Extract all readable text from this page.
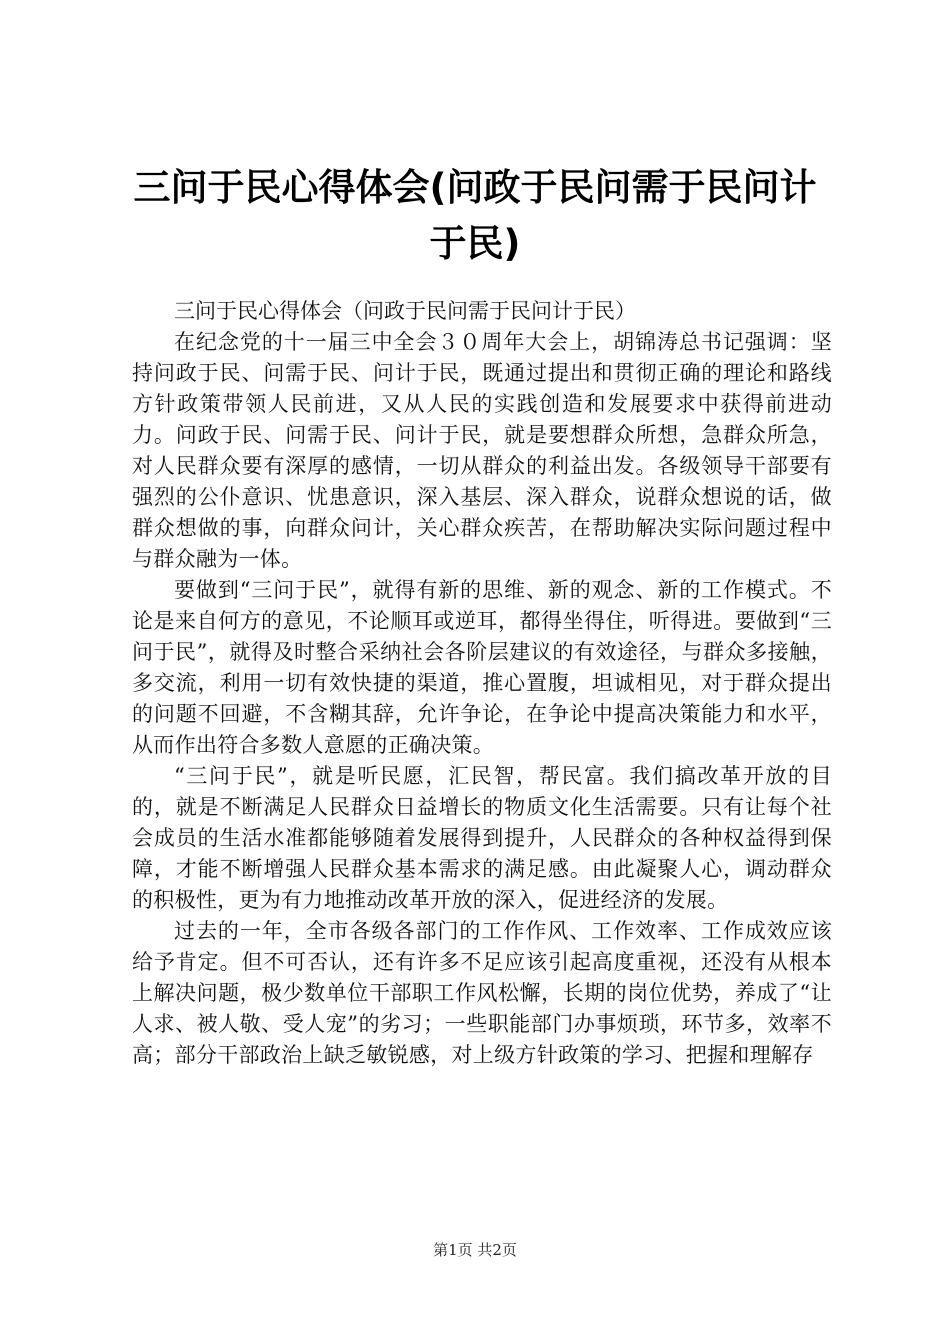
三问于民心得体会(问政于民问需于民问计于民)

三问于民心得体会（问政于民问需于民问计于民）

在纪念党的十一届三中全会３０周年大会上，胡锦涛总书记强调：坚持问政于民、问需于民、问计于民，既通过提出和贯彻正确的理论和路线方针政策带领人民前进，又从人民的实践创造和发展要求中获得前进动力。问政于民、问需于民、问计于民，就是要想群众所想，急群众所急，对人民群众要有深厚的感情，一切从群众的利益出发。各级领导干部要有强烈的公仆意识、忧患意识，深入基层、深入群众，说群众想说的话，做群众想做的事，向群众问计，关心群众疾苦，在帮助解决实际问题过程中与群众融为一体。

要做到“三问于民”，就得有新的思维、新的观念、新的工作模式。不论是来自何方的意见，不论顺耳或逆耳，都得坐得住，听得进。要做到“三问于民”，就得及时整合采纳社会各阶层建议的有效途径，与群众多接触，多交流，利用一切有效快捷的渠道，推心置腹，坦诚相见，对于群众提出的问题不回避，不含糊其辞，允许争论，在争论中提高决策能力和水平，从而作出符合多数人意愿的正确决策。

“三问于民”，就是听民愿，汇民智，帮民富。我们搞改革开放的目的，就是不断满足人民群众日益增长的物质文化生活需要。只有让每个社会成员的生活水准都能够随着发展得到提升，人民群众的各种权益得到保障，才能不断增强人民群众基本需求的满足感。由此凝聚人心，调动群众的积极性，更为有力地推动改革开放的深入，促进经济的发展。

过去的一年，全市各级各部门的工作作风、工作效率、工作成效应该给予肯定。但不可否认，还有许多不足应该引起高度重视，还没有从根本上解决问题，极少数单位干部职工作风松懈，长期的岗位优势，养成了“让人求、被人敬、受人宠”的劣习；一些职能部门办事烦琐，环节多，效率不高；部分干部政治上缺乏敏锐感，对上级方针政策的学习、把握和理解存

第1页 共2页
